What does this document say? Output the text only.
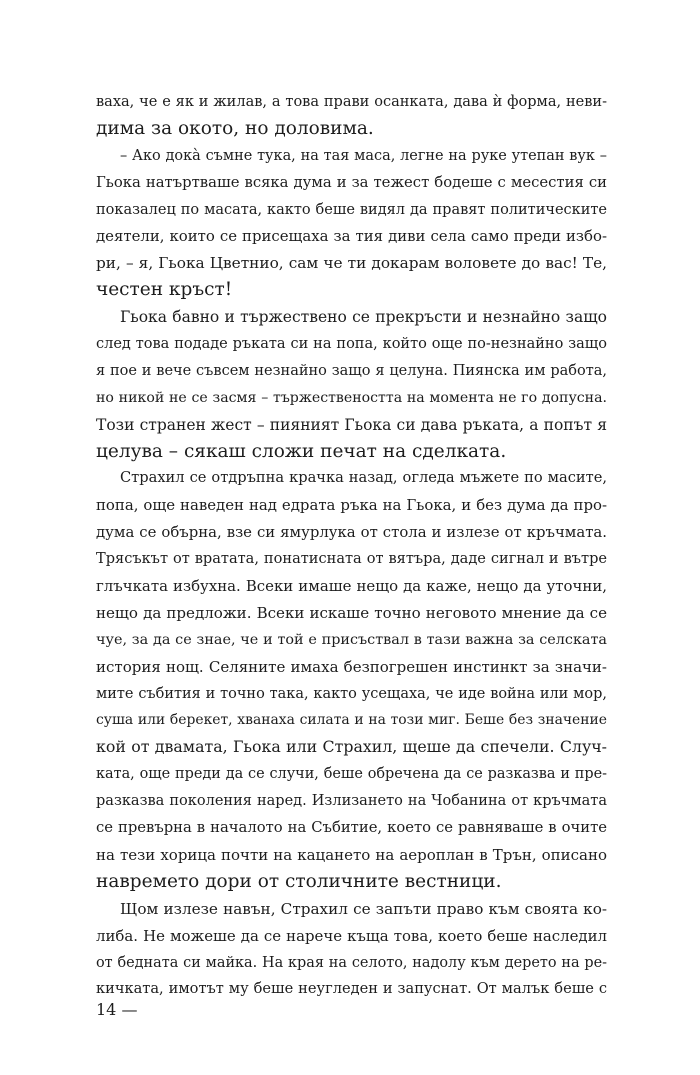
ваха, че е як и жилав, а това прави осанката, дава ѝ форма, неви-
дима за окото, но доловима.
– Ако докà съмне тука, на тая маса, легне на руке утепан вук –
Гьока натъртваше всяка дума и за тежест бодеше с месестия си
показалец по масата, както беше видял да правят политическите
деятели, които се присещаха за тия диви села само преди избо-
ри, – я, Гьока Цветнио, сам че ти докарам воловете до вас! Те,
честен кръст!
Гьока бавно и тържествено се прекръсти и незнайно защо
след това подаде ръката си на попа, който още по-незнайно защо
я пое и вече съвсем незнайно защо я целуна. Пиянска им работа,
но никой не се засмя – тържествеността на момента не го допусна.
Този странен жест – пияният Гьока си дава ръката, а попът я
целува – сякаш сложи печат на сделката.
Страхил се отдръпна крачка назад, огледа мъжете по масите,
попа, още наведен над едрата ръка на Гьока, и без дума да про-
дума се обърна, взе си ямурлука от стола и излезе от кръчмата.
Трясъкът от вратата, понатисната от вятъра, даде сигнал и вътре
глъчката избухна. Всеки имаше нещо да каже, нещо да уточни,
нещо да предложи. Всеки искаше точно неговото мнение да се
чуе, за да се знае, че и той е присъствал в тази важна за селската
история нощ. Селяните имаха безпогрешен инстинкт за значи-
мите събития и точно така, както усещаха, че иде война или мор,
суша или берекет, хванаха силата и на този миг. Беше без значение
кой от двамата, Гьока или Страхил, щеше да спечели. Случ-
ката, още преди да се случи, беше обречена да се разказва и пре-
разказва поколения наред. Излизането на Чобанина от кръчмата
се превърна в началото на Събитие, което се равняваше в очите
на тези хорица почти на кацането на аероплан в Трън, описано
навремето дори от столичните вестници.
Щом излезе навън, Страхил се запъти право към своята ко-
либа. Не можеше да се нарече къща това, което беше наследил
от бедната си майка. На края на селото, надолу към дерето на ре-
кичката, имотът му беше неугледен и запуснат. От малък беше с
14 —
